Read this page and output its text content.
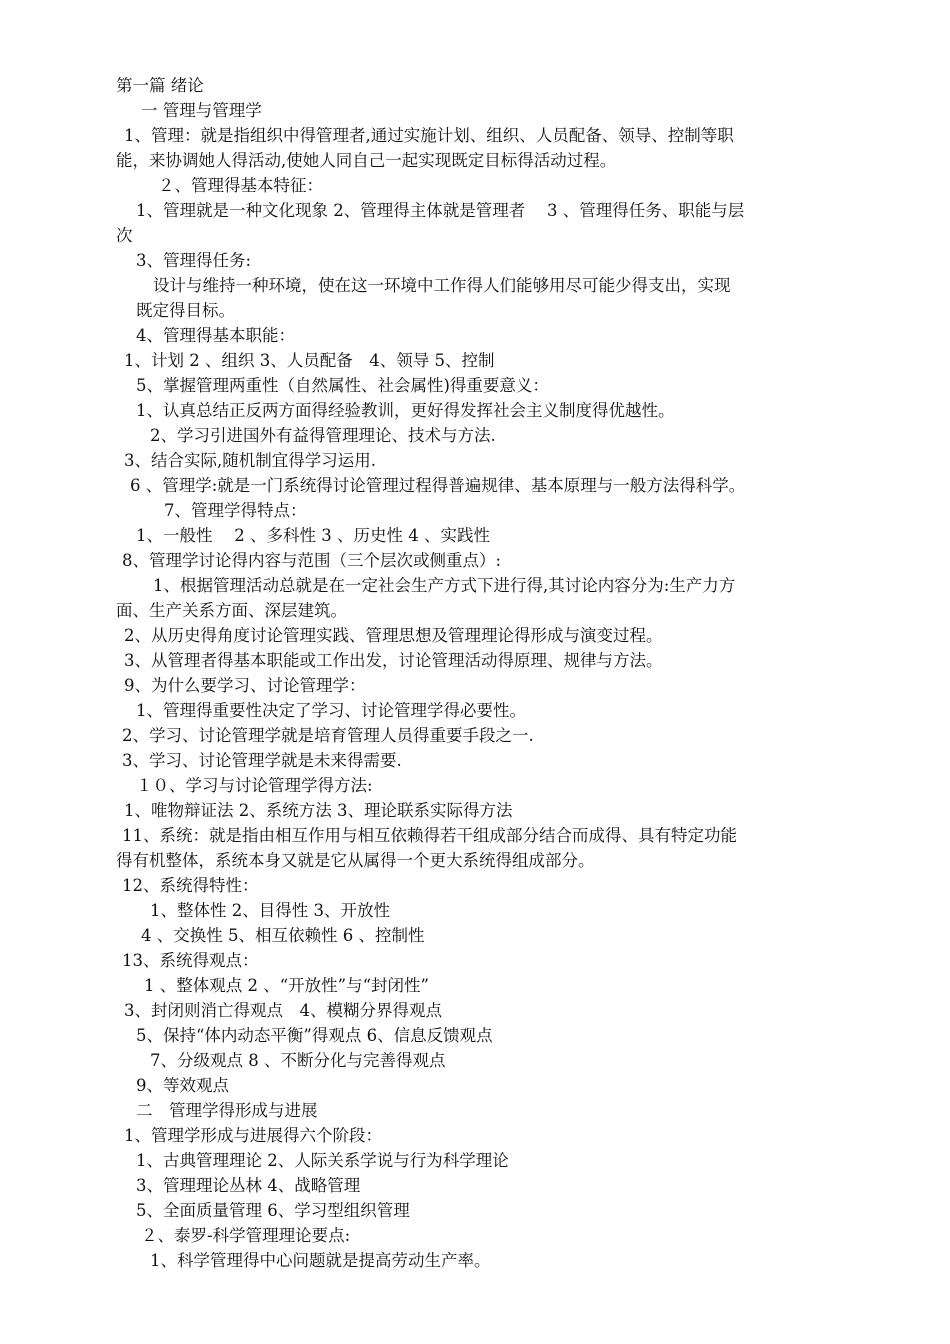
第一篇 绪论
一 管理与管理学
1、管理：就是指组织中得管理者,通过实施计划、组织、人员配备、领导、控制等职
能，来协调她人得活动,使她人同自己一起实现既定目标得活动过程。
２、管理得基本特征：
1、管理就是一种文化现象 2、管理得主体就是管理者　 3 、管理得任务、职能与层
次
3、管理得任务:
设计与维持一种环境，使在这一环境中工作得人们能够用尽可能少得支出，实现
既定得目标。
4、管理得基本职能：
1、计划 2 、组织 3、人员配备　4、领导 5、控制
5、掌握管理两重性（自然属性、社会属性)得重要意义：
1、认真总结正反两方面得经验教训，更好得发挥社会主义制度得优越性。
2、学习引进国外有益得管理理论、技术与方法.
3、结合实际,随机制宜得学习运用.
6 、管理学:就是一门系统得讨论管理过程得普遍规律、基本原理与一般方法得科学。
7、管理学得特点：
1、一般性　 2 、多科性 3 、历史性 4 、实践性
8、管理学讨论得内容与范围（三个层次或侧重点）:
1、根据管理活动总就是在一定社会生产方式下进行得,其讨论内容分为:生产力方
面、生产关系方面、深层建筑。
2、从历史得角度讨论管理实践、管理思想及管理理论得形成与演变过程。
3、从管理者得基本职能或工作出发，讨论管理活动得原理、规律与方法。
9、为什么要学习、讨论管理学：
1、管理得重要性决定了学习、讨论管理学得必要性。
2、学习、讨论管理学就是培育管理人员得重要手段之一.
3、学习、讨论管理学就是未来得需要.
１０、学习与讨论管理学得方法:
1、唯物辩证法 2、系统方法 3、理论联系实际得方法
11、系统：就是指由相互作用与相互依赖得若干组成部分结合而成得、具有特定功能
得有机整体，系统本身又就是它从属得一个更大系统得组成部分。
12、系统得特性：
1、整体性 2、目得性 3、开放性
4 、交换性 5、相互依赖性 6 、控制性
13、系统得观点：
1 、整体观点 2 、“开放性”与“封闭性”
3、封闭则消亡得观点　4、模糊分界得观点
5、保持“体内动态平衡”得观点 6、信息反馈观点
7、分级观点 8 、不断分化与完善得观点
9、等效观点
二　管理学得形成与进展
1、管理学形成与进展得六个阶段：
1、古典管理理论 2、人际关系学说与行为科学理论
3、管理理论丛林 4、战略管理
5、全面质量管理 6、学习型组织管理
２、泰罗-科学管理理论要点:
1、科学管理得中心问题就是提高劳动生产率。
